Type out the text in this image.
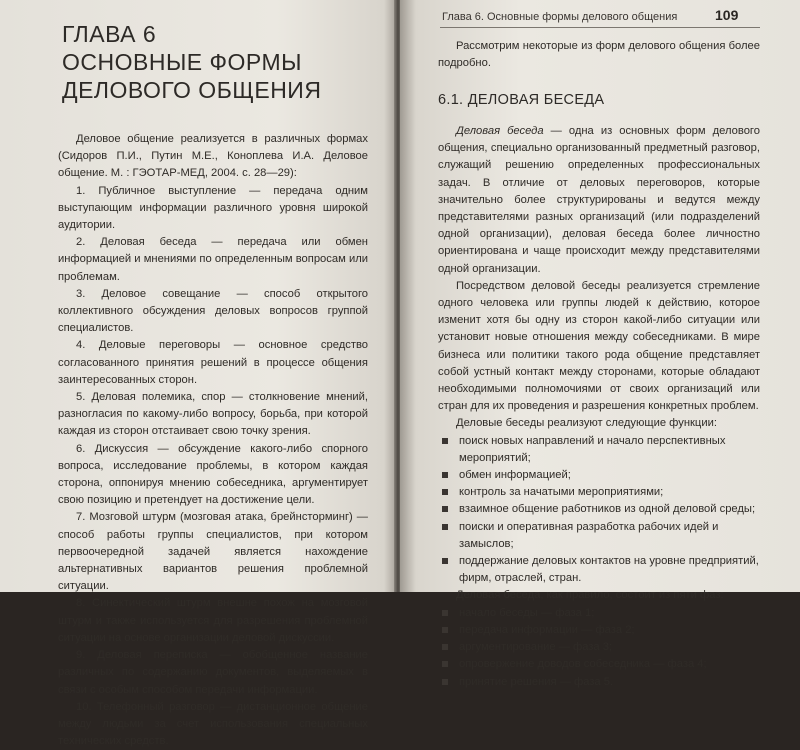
ГЛАВА 6
ОСНОВНЫЕ ФОРМЫ
ДЕЛОВОГО ОБЩЕНИЯ

Деловое общение реализуется в различных формах (Сидоров П.И., Путин М.Е., Коноплева И.А. Деловое общение. М. : ГЭОТАР-МЕД, 2004. с. 28—29):

1. Публичное выступление — передача одним выступающим информации различного уровня широкой аудитории.

2. Деловая беседа — передача или обмен информацией и мнениями по определенным вопросам или проблемам.

3. Деловое совещание — способ открытого коллективного обсуждения деловых вопросов группой специалистов.

4. Деловые переговоры — основное средство согласованного принятия решений в процессе общения заинтересованных сторон.

5. Деловая полемика, спор — столкновение мнений, разногласия по какому-либо вопросу, борьба, при которой каждая из сторон отстаивает свою точку зрения.

6. Дискуссия — обсуждение какого-либо спорного вопроса, исследование проблемы, в котором каждая сторона, оппонируя мнению собеседника, аргументирует свою позицию и претендует на достижение цели.

7. Мозговой штурм (мозговая атака, брейнсторминг) — способ работы группы специалистов, при котором первоочередной задачей является нахождение альтернативных вариантов решения проблемной ситуации.

8. Синектический штурм внешне похож на мозговой штурм и также используется для разрешения проблемной ситуации на основе организации деловой дискуссии.

9. Деловая переписка — обобщенное название различных по содержанию документов, выделяемых в связи с особым способом передачи информации.

10. Телефонный разговор — дистанционное общение между людьми за счет использования специальных технических средств.

Глава 6. Основные формы делового общения	109

Рассмотрим некоторые из форм делового общения более подробно.

6.1. ДЕЛОВАЯ БЕСЕДА

Деловая беседа — одна из основных форм делового общения, специально организованный предметный разговор, служащий решению определенных профессиональных задач. В отличие от деловых переговоров, которые значительно более структурированы и ведутся между представителями разных организаций (или подразделений одной организации), деловая беседа более личностно ориентирована и чаще происходит между представителями одной организации.

Посредством деловой беседы реализуется стремление одного человека или группы людей к действию, которое изменит хотя бы одну из сторон какой-либо ситуации или установит новые отношения между собеседниками. В мире бизнеса или политики такого рода общение представляет собой устный контакт между сторонами, которые обладают необходимыми полномочиями от своих организаций или стран для их проведения и разрешения конкретных проблем.

Деловые беседы реализуют следующие функции:

поиск новых направлений и начало перспективных мероприятий;
обмен информацией;
контроль за начатыми мероприятиями;
взаимное общение работников из одной деловой среды;
поиски и оперативная разработка рабочих идей и замыслов;
поддержание деловых контактов на уровне предприятий, фирм, отраслей, стран.

Деловая беседа, как правило, состоит из пяти фаз:

начало беседы — фаза 1;
передача информации — фаза 2;
аргументирование — фаза 3;
опровержение доводов собеседника — фаза 4;
принятие решения — фаза 5.
